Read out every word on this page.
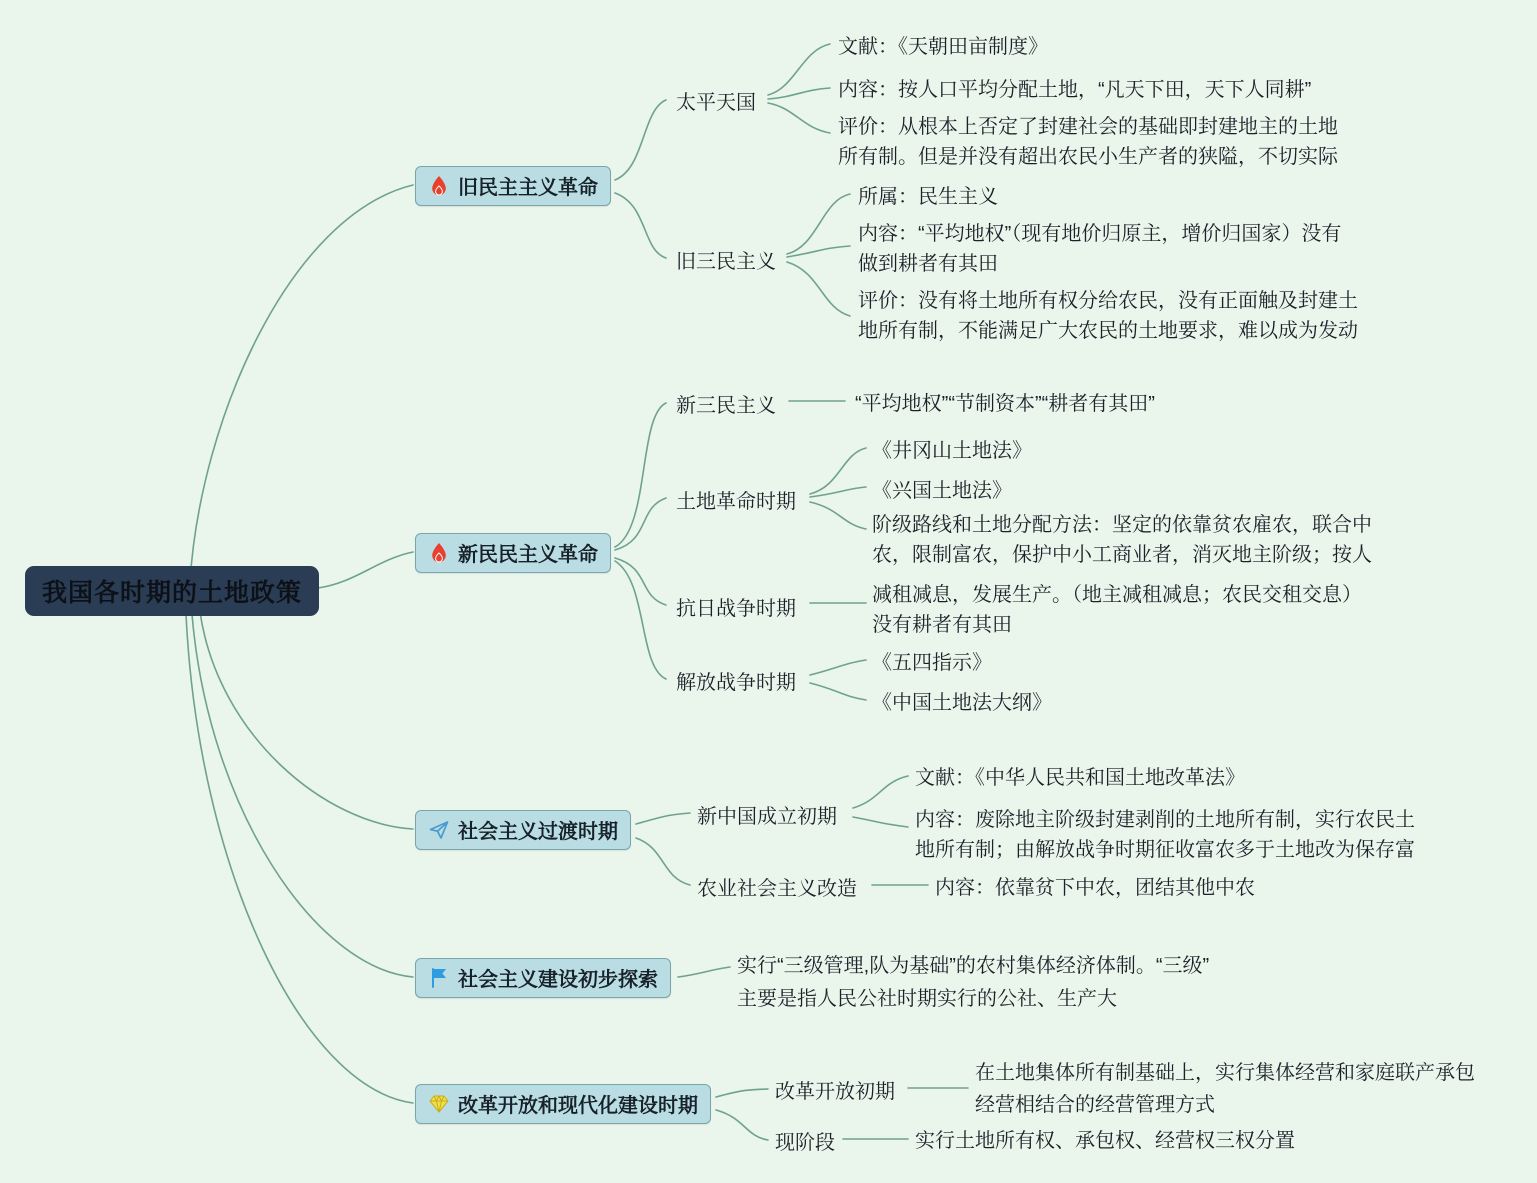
我国各时期的土地政策
旧民主主义革命
新民民主义革命
社会主义过渡时期
社会主义建设初步探索
改革开放和现代化建设时期
太平天国
旧三民主义
新三民主义
土地革命时期
抗日战争时期
解放战争时期
新中国成立初期
农业社会主义改造
改革开放初期
现阶段
文献：《天朝田亩制度》
内容：按人口平均分配土地，“凡天下田，天下人同耕”
评价：从根本上否定了封建社会的基础即封建地主的土地
所有制。但是并没有超出农民小生产者的狭隘，不切实际
所属：民生主义
内容：“平均地权”（现有地价归原主，增价归国家）没有
做到耕者有其田
评价：没有将土地所有权分给农民，没有正面触及封建土
地所有制，不能满足广大农民的土地要求，难以成为发动
“平均地权”“节制资本”“耕者有其田”
《井冈山土地法》
《兴国土地法》
阶级路线和土地分配方法：坚定的依靠贫农雇农，联合中
农，限制富农，保护中小工商业者，消灭地主阶级；按人
减租减息，发展生产。（地主减租减息；农民交租交息）
没有耕者有其田
《五四指示》
《中国土地法大纲》
文献：《中华人民共和国土地改革法》
内容：废除地主阶级封建剥削的土地所有制，实行农民土
地所有制；由解放战争时期征收富农多于土地改为保存富
内容：依靠贫下中农，团结其他中农
实行“三级管理,队为基础”的农村集体经济体制。“三级”
主要是指人民公社时期实行的公社、生产大
在土地集体所有制基础上，实行集体经营和家庭联产承包
经营相结合的经营管理方式
实行土地所有权、承包权、经营权三权分置
